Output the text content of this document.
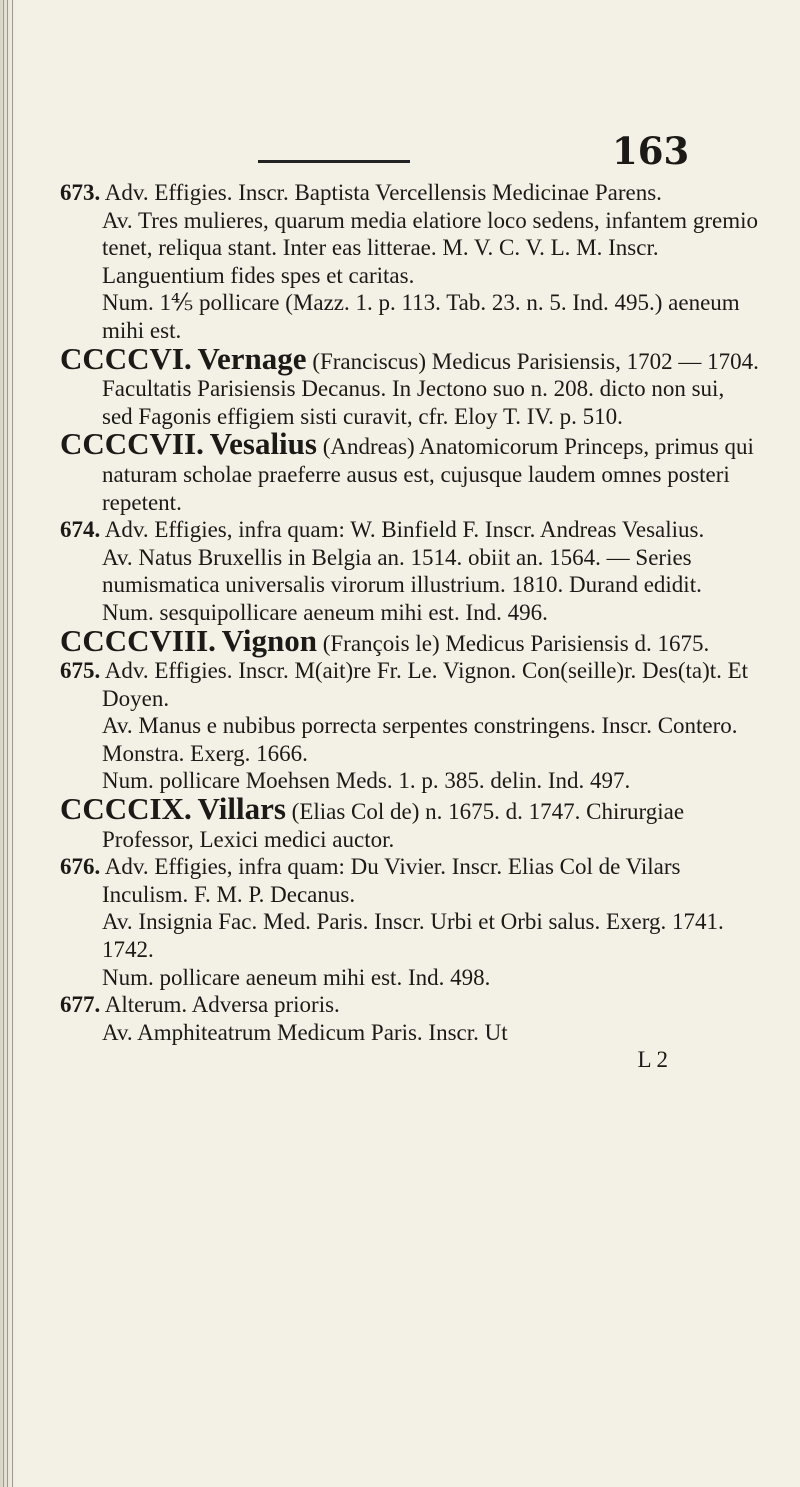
163

673. Adv. Effigies. Inscr. Baptista Vercellensis Medicinae Parens.

Av. Tres mulieres, quarum media elatiore loco sedens, infantem gremio tenet, reliqua stant. Inter eas litterae. M. V. C. V. L. M. Inscr. Languentium fides spes et caritas.

Num. 1⅘ pollicare (Mazz. 1. p. 113. Tab. 23. n. 5. Ind. 495.) aeneum mihi est.

CCCCVI. Vernage (Franciscus) Medicus Parisiensis, 1702 — 1704. Facultatis Parisiensis Decanus. In Jectono suo n. 208. dicto non sui, sed Fagonis effigiem sisti curavit, cfr. Eloy T. IV. p. 510.

CCCCVII. Vesalius (Andreas) Anatomicorum Princeps, primus qui naturam scholae praeferre ausus est, cujusque laudem omnes posteri repetent.

674. Adv. Effigies, infra quam: W. Binfield F. Inscr. Andreas Vesalius.

Av. Natus Bruxellis in Belgia an. 1514. obiit an. 1564. — Series numismatica universalis virorum illustrium. 1810. Durand edidit.

Num. sesquipollicare aeneum mihi est. Ind. 496.

CCCCVIII. Vignon (François le) Medicus Parisiensis d. 1675.

675. Adv. Effigies. Inscr. M(ait)re Fr. Le. Vignon. Con(seille)r. Des(ta)t. Et Doyen.

Av. Manus e nubibus porrecta serpentes constringens. Inscr. Contero. Monstra. Exerg. 1666.

Num. pollicare Moehsen Meds. 1. p. 385. delin. Ind. 497.

CCCCIX. Villars (Elias Col de) n. 1675. d. 1747. Chirurgiae Professor, Lexici medici auctor.

676. Adv. Effigies, infra quam: Du Vivier. Inscr. Elias Col de Vilars Inculism. F. M. P. Decanus.

Av. Insignia Fac. Med. Paris. Inscr. Urbi et Orbi salus. Exerg. 1741. 1742.

Num. pollicare aeneum mihi est. Ind. 498.

677. Alterum. Adversa prioris.

Av. Amphiteatrum Medicum Paris. Inscr. Ut

L 2
